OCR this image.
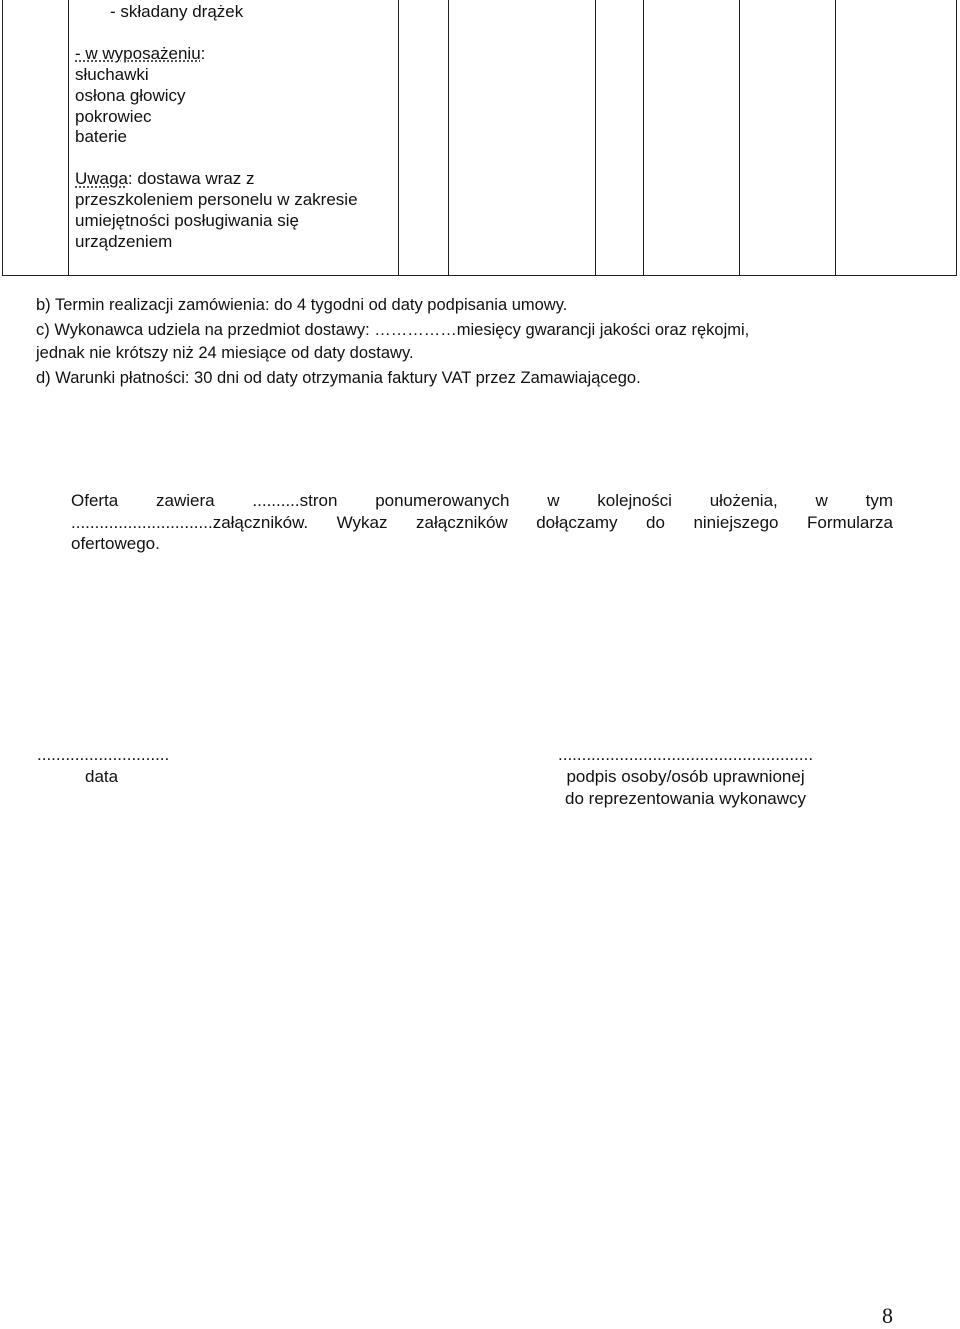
- składany drążek
- w wyposażeniu:
słuchawki
osłona głowicy
pokrowiec
baterie
Uwaga: dostawa wraz z
przeszkoleniem personelu w zakresie
umiejętności posługiwania się
urządzeniem

b) Termin realizacji zamówienia: do 4 tygodni od daty podpisania umowy.
c) Wykonawca udziela na przedmiot dostawy: ……………miesięcy gwarancji jakości oraz rękojmi,
jednak nie krótszy niż 24 miesiące od daty dostawy.
d) Warunki płatności: 30 dni od daty otrzymania faktury VAT przez Zamawiającego.
Oferta zawiera ..........stron ponumerowanych w kolejności ułożenia, w tym
..............................załączników. Wykaz załączników dołączamy do niniejszego Formularza
ofertowego.
............................
data
......................................................
podpis osoby/osób uprawnionej
do reprezentowania wykonawcy
8
